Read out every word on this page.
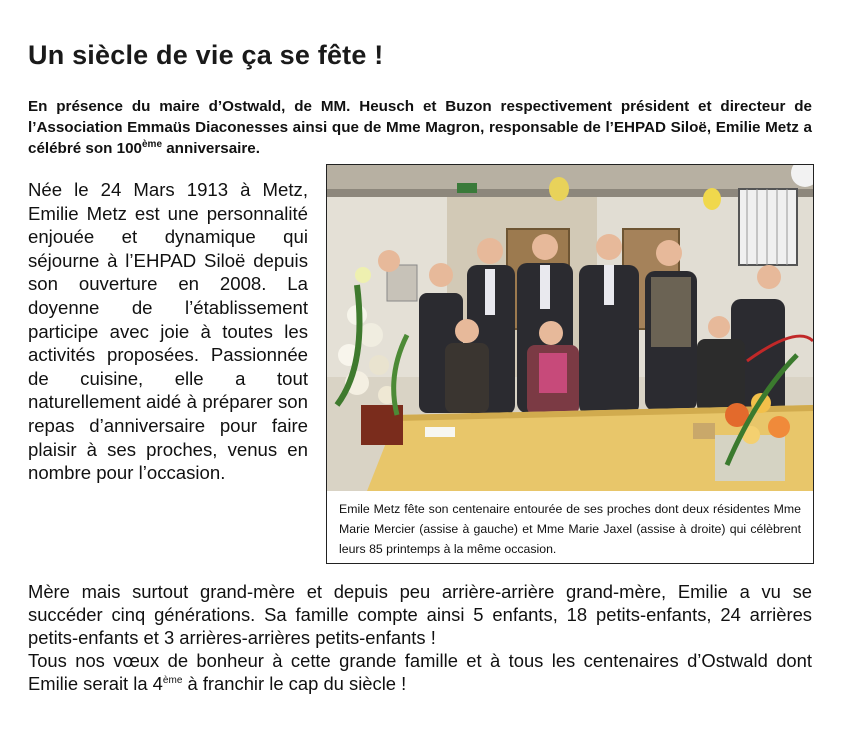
Un siècle de vie ça se fête !

En présence du maire d’Ostwald, de MM. Heusch et Buzon respectivement président et directeur de l’Association Emmaüs Diaconesses ainsi que de Mme Magron, responsable de l’EHPAD Siloë, Emilie Metz a célébré son 100ème anniversaire.

Née le 24 Mars 1913 à Metz, Emilie Metz est une personnalité enjouée et dynamique qui séjourne à l’EHPAD Siloë depuis son ouverture en 2008. La doyenne de l’établissement participe avec joie à toutes les activités proposées. Passionnée de cuisine, elle a tout naturellement aidé à préparer son repas d’anniversaire pour faire plaisir à ses proches, venus en nombre pour l’occasion.

Emile Metz fête son centenaire entourée de ses proches dont deux résidentes Mme Marie Mercier (assise à gauche) et Mme Marie Jaxel (assise à droite) qui célèbrent leurs 85 printemps à la même occasion.

Mère mais surtout grand-mère et depuis peu arrière-arrière grand-mère, Emilie a vu se succéder cinq générations. Sa famille compte ainsi 5 enfants, 18 petits-enfants, 24 arrières petits-enfants et 3 arrières-arrières petits-enfants !

Tous nos vœux de bonheur à cette grande famille et à tous les centenaires d’Ostwald dont Emilie serait la 4ème à franchir le cap du siècle !
